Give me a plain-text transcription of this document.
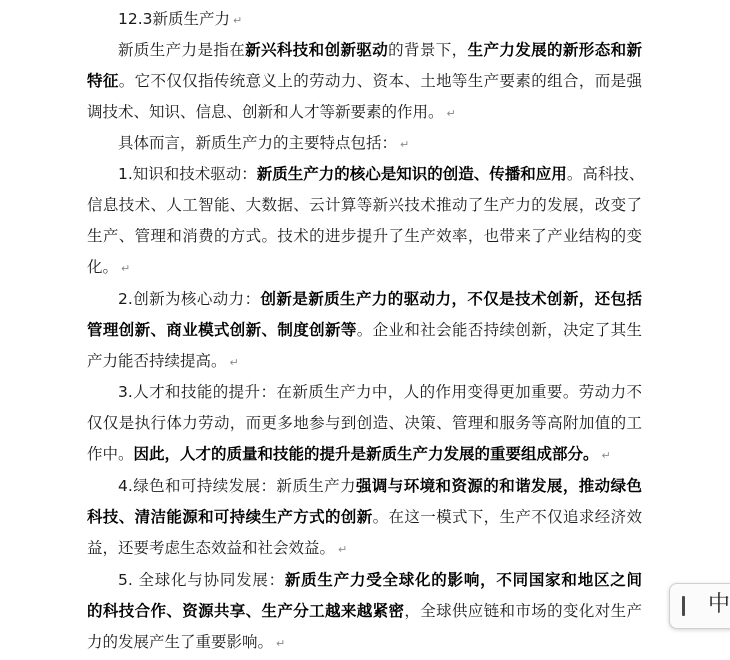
12.3新质生产力 ↵
新质生产力是指在新兴科技和创新驱动的背景下，生产力发展的新形态和新
特征。它不仅仅指传统意义上的劳动力、资本、土地等生产要素的组合，而是强
调技术、知识、信息、创新和人才等新要素的作用。 ↵
具体而言，新质生产力的主要特点包括： ↵
1.知识和技术驱动：新质生产力的核心是知识的创造、传播和应用。高科技、
信息技术、人工智能、大数据、云计算等新兴技术推动了生产力的发展，改变了
生产、管理和消费的方式。技术的进步提升了生产效率，也带来了产业结构的变
化。 ↵
2.创新为核心动力：创新是新质生产力的驱动力，不仅是技术创新，还包括
管理创新、商业模式创新、制度创新等。企业和社会能否持续创新，决定了其生
产力能否持续提高。 ↵
3.人才和技能的提升：在新质生产力中，人的作用变得更加重要。劳动力不
仅仅是执行体力劳动，而更多地参与到创造、决策、管理和服务等高附加值的工
作中。因此，人才的质量和技能的提升是新质生产力发展的重要组成部分。 ↵
4.绿色和可持续发展：新质生产力强调与环境和资源的和谐发展，推动绿色
科技、清洁能源和可持续生产方式的创新。在这一模式下，生产不仅追求经济效
益，还要考虑生态效益和社会效益。 ↵
5. 全球化与协同发展：新质生产力受全球化的影响，不同国家和地区之间
的科技合作、资源共享、生产分工越来越紧密，全球供应链和市场的变化对生产
力的发展产生了重要影响。 ↵
中
